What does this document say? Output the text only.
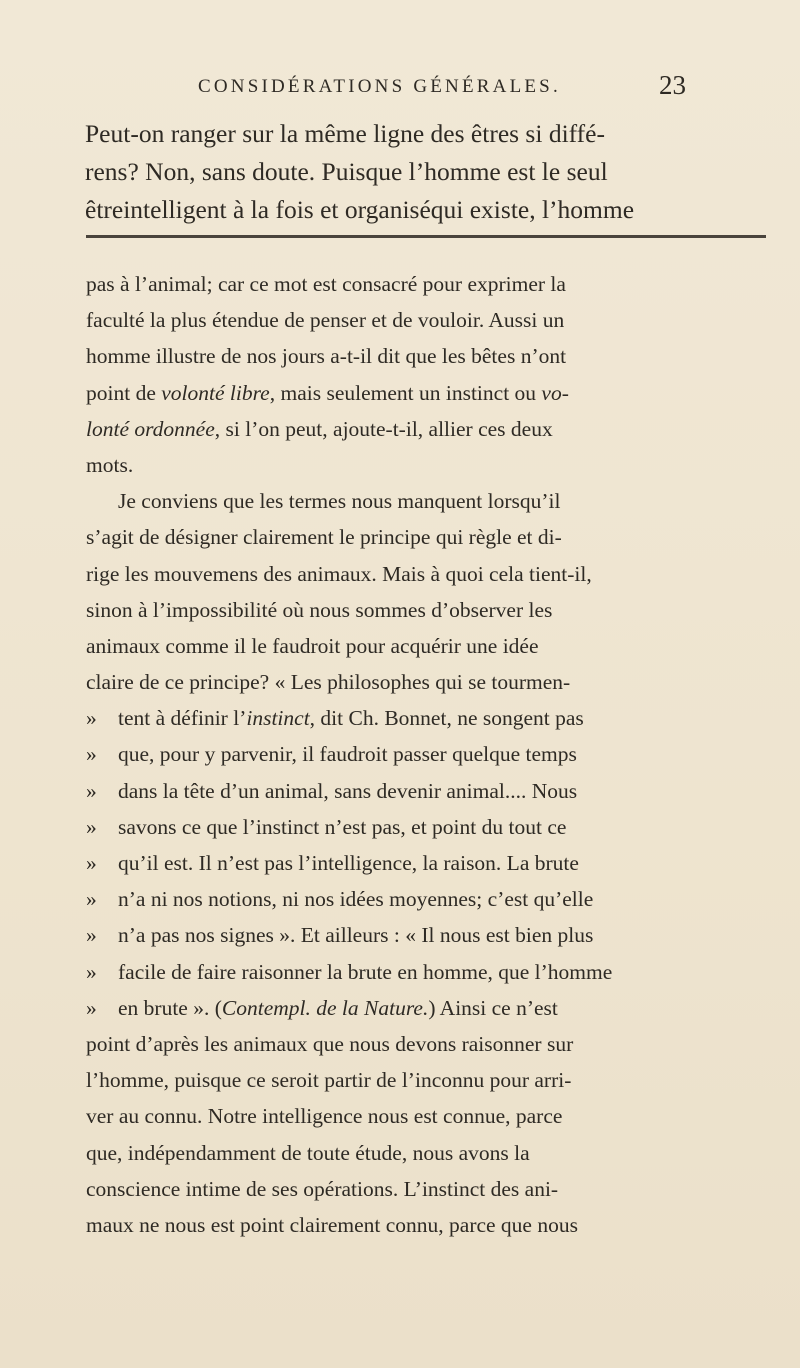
CONSIDÉRATIONS GÉNÉRALES.	23
Peut-on ranger sur la même ligne des êtres si diffé-
rens? Non, sans doute. Puisque l’homme est le seul
êtreintelligent à la fois et organiséqui existe, l’homme
pas à l’animal; car ce mot est consacré pour exprimer la
faculté la plus étendue de penser et de vouloir. Aussi un
homme illustre de nos jours a-t-il dit que les bêtes n’ont
point de volonté libre, mais seulement un instinct ou vo-
lonté ordonnée, si l’on peut, ajoute-t-il, allier ces deux
mots.
Je conviens que les termes nous manquent lorsqu’il
s’agit de désigner clairement le principe qui règle et di-
rige les mouvemens des animaux. Mais à quoi cela tient-il,
sinon à l’impossibilité où nous sommes d’observer les
animaux comme il le faudroit pour acquérir une idée
claire de ce principe? « Les philosophes qui se tourmen-
» tent à définir l’instinct, dit Ch. Bonnet, ne songent pas
» que, pour y parvenir, il faudroit passer quelque temps
» dans la tête d’un animal, sans devenir animal.... Nous
» savons ce que l’instinct n’est pas, et point du tout ce
» qu’il est. Il n’est pas l’intelligence, la raison. La brute
» n’a ni nos notions, ni nos idées moyennes; c’est qu’elle
» n’a pas nos signes ». Et ailleurs : « Il nous est bien plus
» facile de faire raisonner la brute en homme, que l’homme
» en brute ». (Contempl. de la Nature.) Ainsi ce n’est
point d’après les animaux que nous devons raisonner sur
l’homme, puisque ce seroit partir de l’inconnu pour arri-
ver au connu. Notre intelligence nous est connue, parce
que, indépendamment de toute étude, nous avons la
conscience intime de ses opérations. L’instinct des ani-
maux ne nous est point clairement connu, parce que nous
